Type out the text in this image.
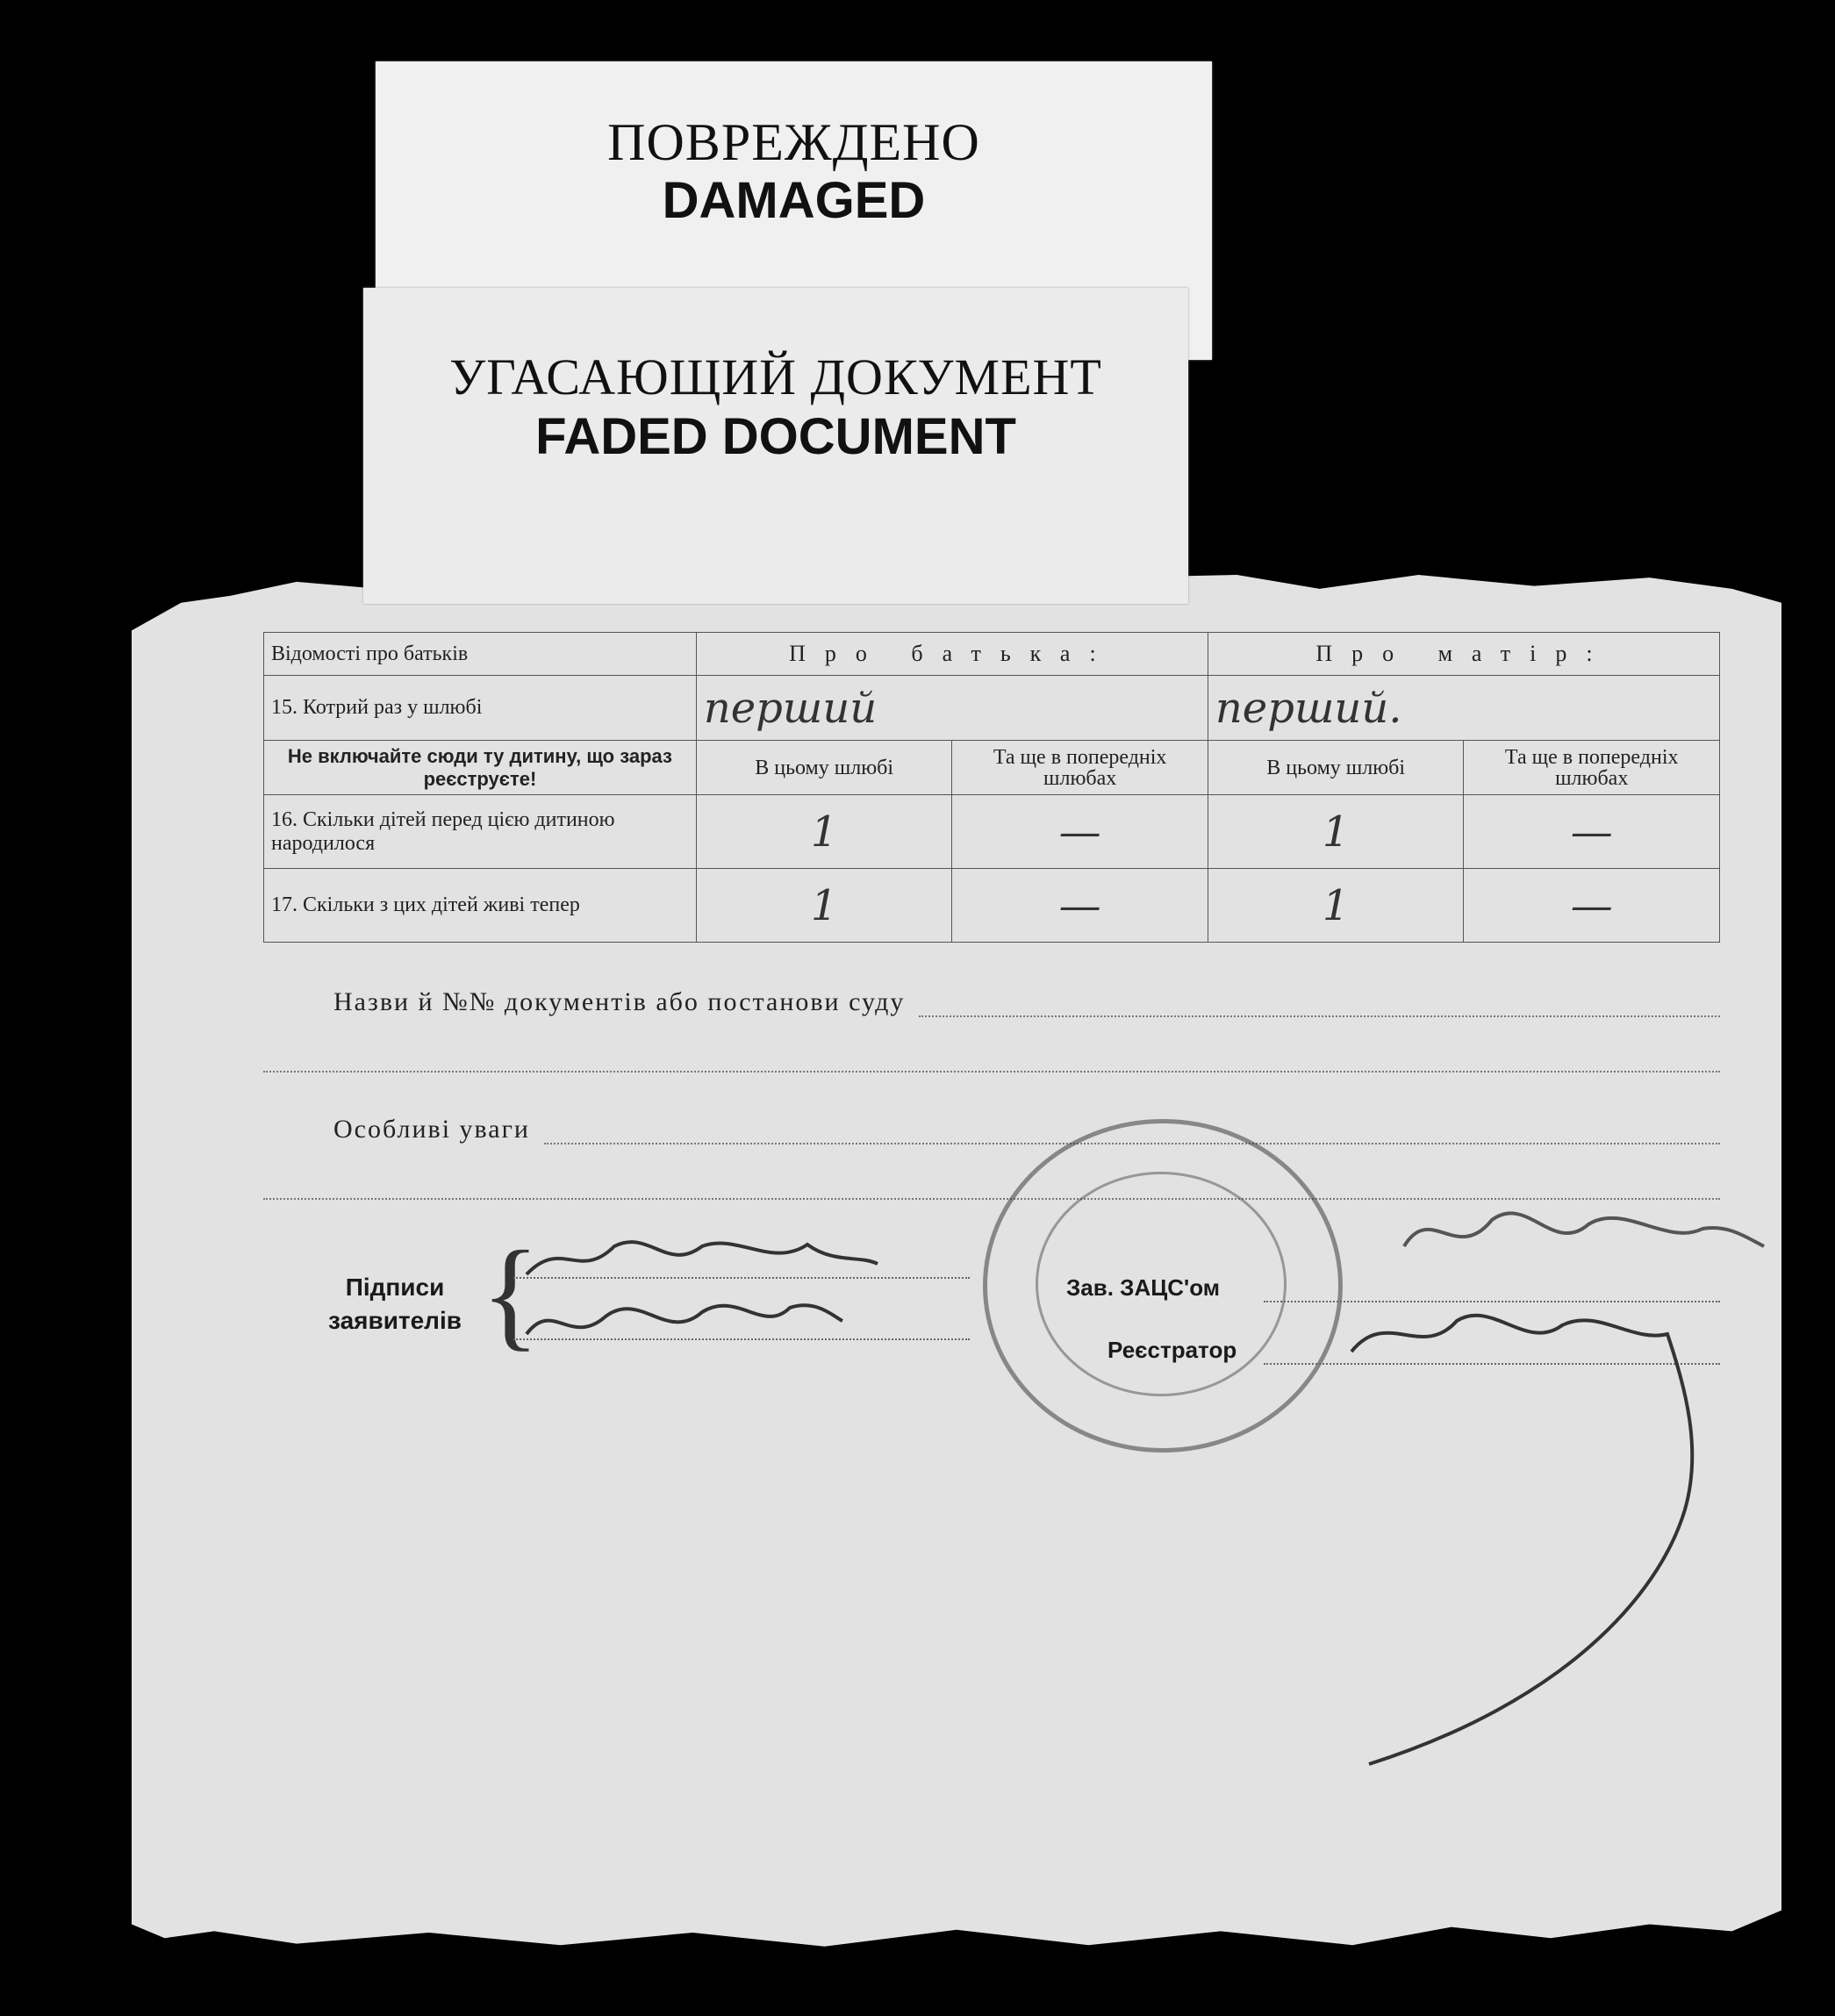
ПОВРЕЖДЕНО
DAMAGED
УГАСАЮЩИЙ ДОКУМЕНТ
FADED DOCUMENT
Відомості про батьків	Про батька:		Про матір:	
15. Котрий раз у шлюбі	перший		перший.	
Не включайте сюди ту дитину, що зараз реєструєте!	В цьому шлюбі	Та ще в попередніх шлюбах	В цьому шлюбі	Та ще в попередніх шлюбах
16. Скільки дітей перед цією дитиною народилося	1	—	1	—
17. Скільки з цих дітей живі тепер	1	—	1	—
Назви й №№ документів або постанови суду
Особливі уваги
Підписи
заявителів {	Зав. ЗАЦС'ом
Реєстратор
